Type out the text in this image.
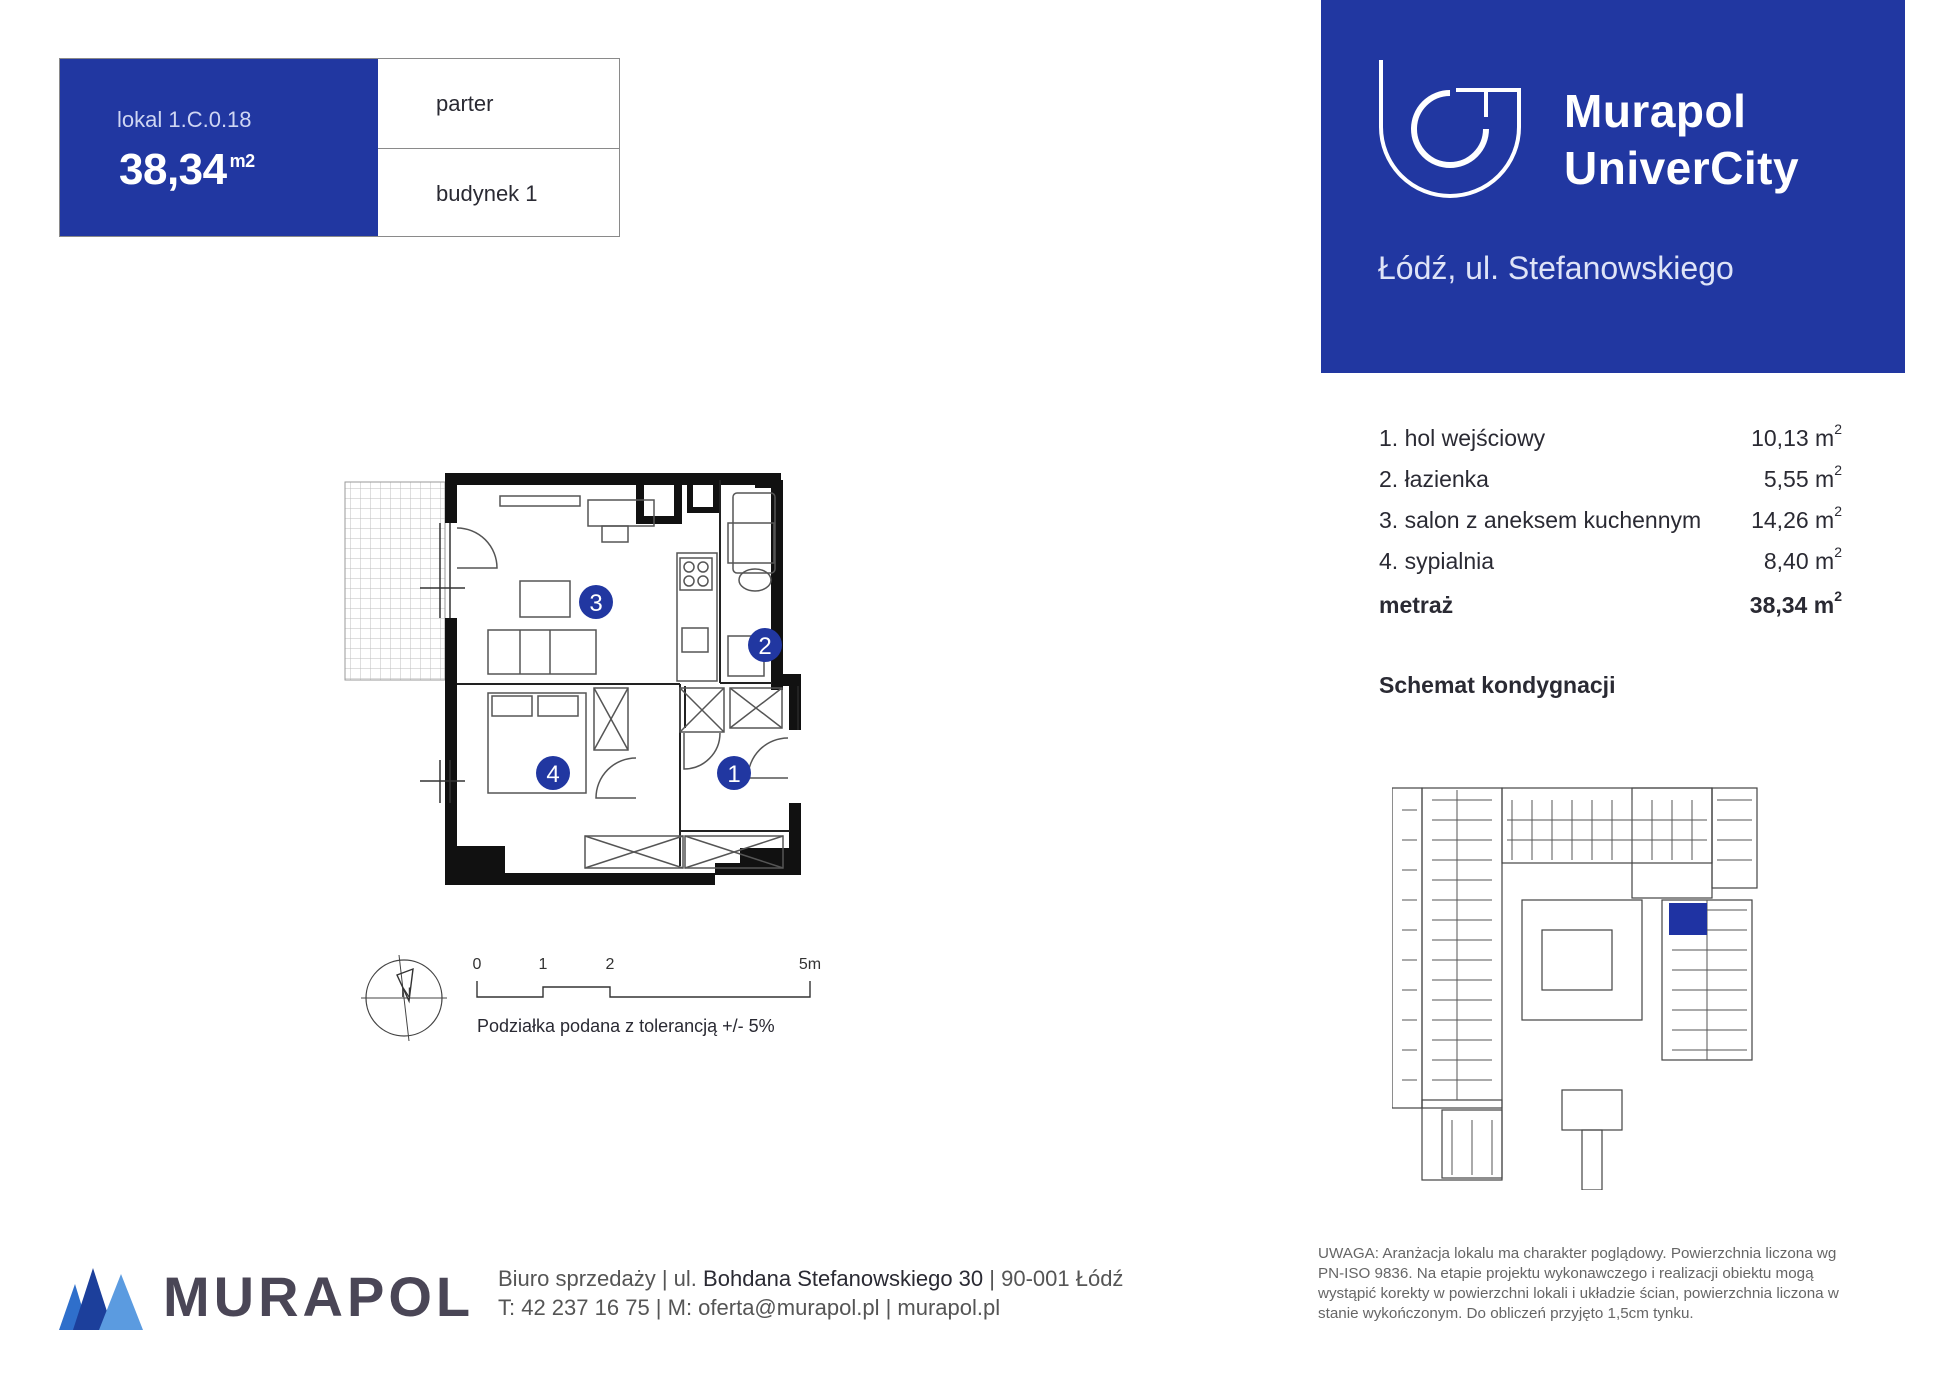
lokal 1.C.0.18
38,34 $^{m2}$
parter
budynek 1
Murapol
UniverCity
Łódź, ul. Stefanowskiego
1. hol wejściowy	10,13 $m^2$
2. łazienka	5,55 $m^2$
3. salon z aneksem kuchennym 14,26 $m^2$
4. sypialnia	8,40 $m^2$
metraż	38,34 $m^2$
Schemat kondygnacji
3
2
4	1
N
0	1	2	5m
Podziałka podana z tolerancją +/- 5%
MURAPOL Biuro sprzedaży | ul. Bohdana Stefanowskiego 30 | 90-001 Łódź
T: 42 237 16 75 | M: oferta@murapol.pl | murapol.pl
UWAGA: Aranżacja lokalu ma charakter poglądowy. Powierzchnia liczona wg PN-ISO 9836. Na etapie projektu wykonawczego i realizacji obiektu mogą wystąpić korekty w powierzchni lokali i układzie ścian, powierzchnia liczona w stanie wykończonym. Do obliczeń przyjęto 1,5cm tynku.
